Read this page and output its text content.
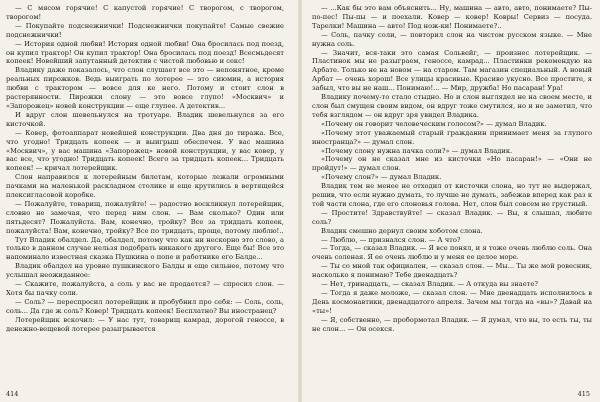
— С мясом горячие! С капустой горячие! С творогом, с творогом, творогом!

— Покупайте подснежнички! Подснежнички покупайте! Самые свежие подснежнички!

— История одной любви! История одной любви! Она бросилась под поезд, он купил трактор! Он купил трактор! Она бросилась под поезд! Всесмьдесят копеек! Новейший запутанный детектив с чистой любовью и секс!

Владику даже показалось, что слон слушает все это — непонятное, кроме реальных пирожков. Ведь выиграть по лотерее — это сиюмин, а история любви с трактором — вовсе для ке него. Потому и стоит слон в растерянности. Пирожки слону — это вовсе глупо! «Москвич» и «Запорожец» новей конструкции — еще глупее. А детектив...

И вдруг слон шевельнулся на тротуаре. Владик шевельнулся за его кисточкой.

— Ковер, фотоаппарат новейшей конструкции. Два дня до тиража. Все, что угодно! Тридцать копеек — и выигрыш обеспечен. У вас машина «Москвич», у вас машина «Запорожец» новой конструкции, у вас ковер, у вас все, что угодно! Тридцать копеек! Всего за тридцать копеек... Тридцать копеек! — кричал лотерейщик.

Слон направился к лотерейным билетам, которые лежали огромными пачками на маленькой раскладном столике и еще крутились в вертящейся плексигласовой коробке.

— Пожалуйте, товарищ, пожалуйте! — радостно воскликнул лотерейщик, словно не замечая, что перед ним слон. — Вам сколько? Один или пятьдесят? Пожалуйста. Вам, конечно, тройку? Все за тридцать копеек, пожалуйста! Вам, конечно, тройку? Все по тридцать, проще, потому люблю!..

Тут Владик обалдел. Да, обалдел, потому что как ни нескорно это слово, а только в данном случае нельзя подобрать никакого другого. Еще бы! Все это напоминало известная сказка Пушкина о попе и работнике его Балде...

Владик обалдел на уровне пушкинского Балды и еще сильнее, потому что услышал неожиданное:

— Скажите, пожалуйста, а соль у вас не продается? — спросил слон. — Хотя бы пачку соли.

— Соль? — переспросил лотерейщик и пробубнил про себя: — Соль, соль, соль... Да где ж соль? Ковер! Тридцать копеек! Бесплатно? Вы иностранец?

Лотерейщик вскочил: — У нас тут, товарищ камрад, дорогой геноссе, в денежно-вещевой лотерее разыгрывается

414

— ...Как бы это вам объяснить... Ну, машина — авто, авто, понимаете? Пы-по-пес! Пы-пы — и поехали. Ковер — ковер! Ковры! Сервиз — посуда. Тарелки! Машина — авто! Под нож-ки! Понимаете?..

— Соль, пачку соли, — повторил слон на чистом русском языке. — Мне нужна соль.

— Значит, вся-таки это самая Сольвейг, — произнес лотерейщик. — Пластинок мы не разыграем, геноссе, камрад... Пластинки рекомендую на Арбате. Только не на новом — на старом. Там магазин специальный. А новый Арбат — очень хорош! Все улицы красивые. Красиво укусно. Все простите, я забыл, что вы не наш... Понимаю!... — Мир, дружба! Но пасаран! Ура!

Владику почему-то стало стыдно. Но и слон выглядел не на своем месте, и слон был смущен своим видом, он вдруг тоже смутился, но и не заметил, что тебя взглядом — он вдруг зря увидел Владика.

«Почему он говорит человеческим голосом?» — думал Владик.

«Почему этот уважаемый старый гражданин принимает меня за глупого иностранца?» — думал слон.

«Почему слону нужна пачка соли?» — думал Владик.

«Почему он не сказал мне из кисточки «Но пасаран!» — «Они не пройдут!» — думал слон.

«Почему слон?» — думал Владик.

Владик тем не менее не отходил от кисточки слона, но тут не выдержал, решив, что если нужно думать, то лучше не думать, забежав вперед как раз к той части слона, где его слоновья голова. Нет, слон был совсем не грустный.

— Простите! Здравствуйте! — сказал Владик. — Вы, я слышал, любите соль?

Владик смешно дернул своим хоботом слона.

— Люблю, — признался слон. — А что?

— Тогда, — сказал Владик. — Я все понял, и я тоже очень люблю соль. Она очень соленая. Я ее очень люблю и у меня ее целое море.

— Ты со мной так официален, — сказал слон. — Мы... Ты же мой ровесник, насколько я понимаю? Тебе двенадцать?

— Нет, тринадцать, — сказал Владик. — А откуда вы знаете?

— Тогда я даже моложе, — сказал слон. — Мне двенадцать исполнилось в День космонавтики, двенадцатого апреля. Зачем мы тогда на «вы»? Давай на «ты»!

— Я, собственно, — пробормотал Владик. — Я думал, что вы, то есть ты, ты не слон... — Он осекся.

415
